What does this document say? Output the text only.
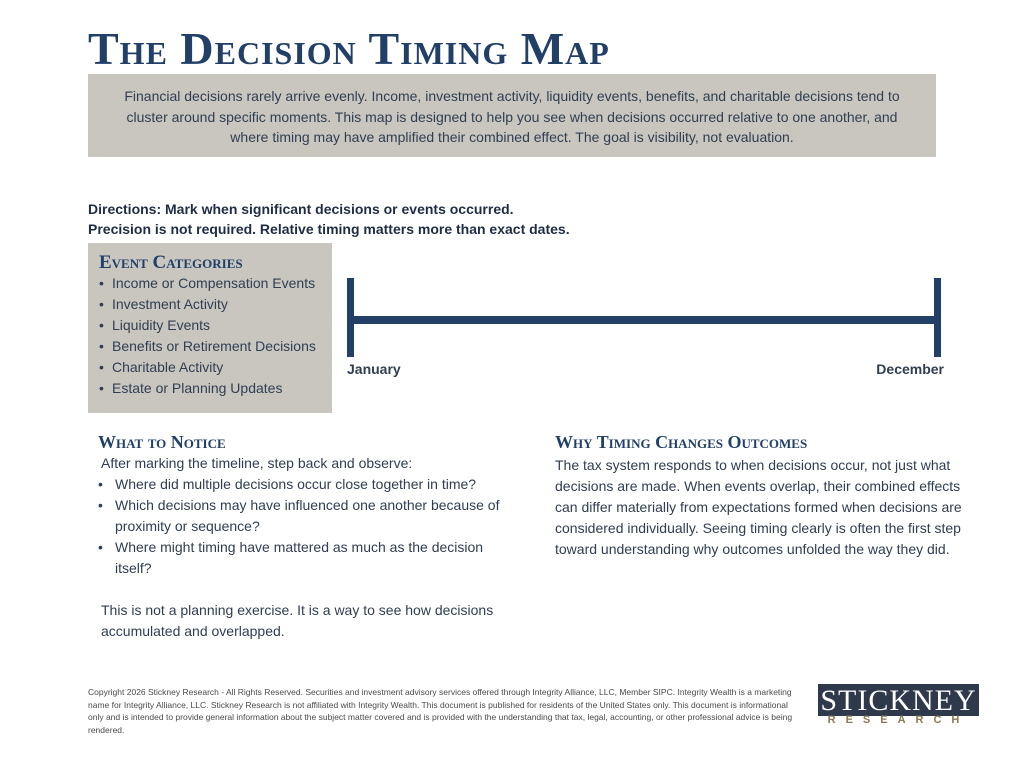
The Decision Timing Map
Financial decisions rarely arrive evenly. Income, investment activity, liquidity events, benefits, and charitable decisions tend to cluster around specific moments. This map is designed to help you see when decisions occurred relative to one another, and where timing may have amplified their combined effect. The goal is visibility, not evaluation.
Directions: Mark when significant decisions or events occurred.
Precision is not required. Relative timing matters more than exact dates.
Event Categories
• Income or Compensation Events
• Investment Activity
• Liquidity Events
• Benefits or Retirement Decisions
• Charitable Activity
• Estate or Planning Updates
January	December
What to Notice

After marking the timeline, step back and observe:

• Where did multiple decisions occur close together in time?
• Which decisions may have influenced one another because of proximity or sequence?
• Where might timing have mattered as much as the decision itself?

This is not a planning exercise. It is a way to see how decisions accumulated and overlapped.

Why Timing Changes Outcomes

The tax system responds to when decisions occur, not just what decisions are made. When events overlap, their combined effects can differ materially from expectations formed when decisions are considered individually. Seeing timing clearly is often the first step toward understanding why outcomes unfolded the way they did.

Copyright 2026 Stickney Research - All Rights Reserved. Securities and investment advisory services offered through Integrity Alliance, LLC, Member SIPC. Integrity Wealth is a marketing name for Integrity Alliance, LLC. Stickney Research is not affiliated with Integrity Wealth. This document is published for residents of the United States only. This document is informational only and is intended to provide general information about the subject matter covered and is provided with the understanding that tax, legal, accounting, or other professional advice is being rendered.
STICKNEY
RESEARCH
